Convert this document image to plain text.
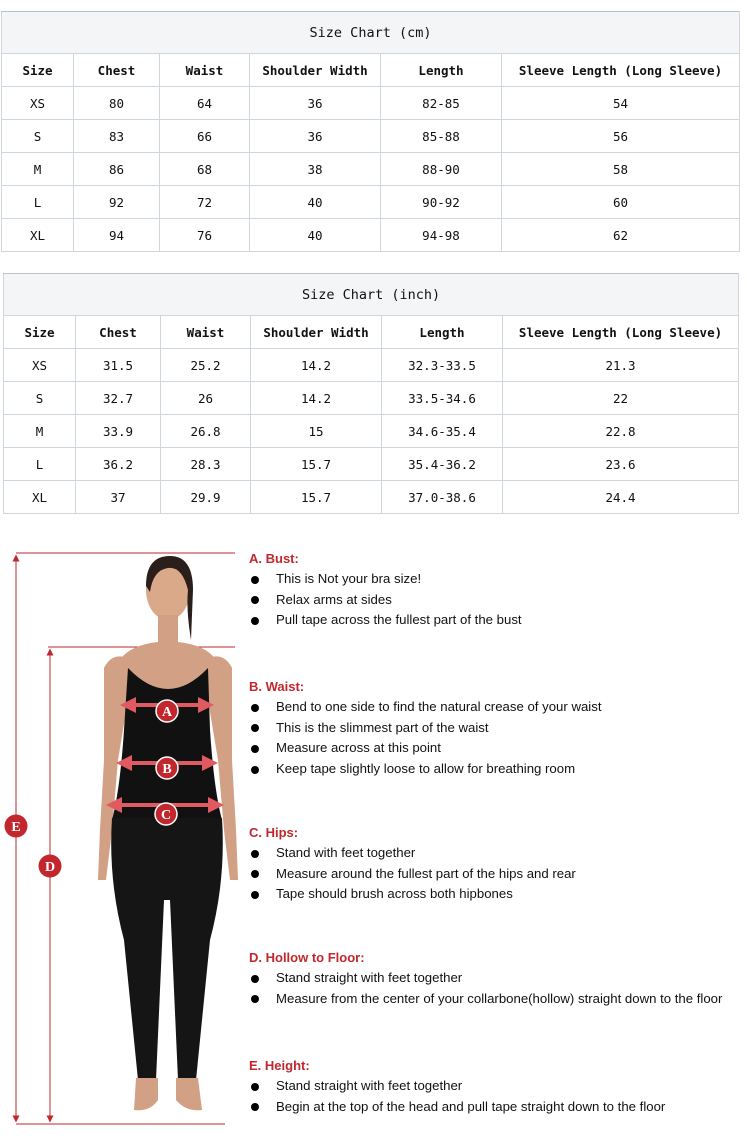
Size Chart (cm)					
Size	Chest	Waist	Shoulder Width	Length	Sleeve Length (Long Sleeve)
XS	80	64	36	82-85	54
S	83	66	36	85-88	56
M	86	68	38	88-90	58
L	92	72	40	90-92	60
XL	94	76	40	94-98	62
Size Chart (inch)					
Size	Chest	Waist	Shoulder Width	Length	Sleeve Length (Long Sleeve)
XS	31.5	25.2	14.2	32.3-33.5	21.3
S	32.7	26	14.2	33.5-34.6	22
M	33.9	26.8	15	34.6-35.4	22.8
L	36.2	28.3	15.7	35.4-36.2	23.6
XL	37	29.9	15.7	37.0-38.6	24.4
A
B
C
E
D
A. Bust:
This is Not your bra size!
Relax arms at sides
Pull tape across the fullest part of the bust
B. Waist:
Bend to one side to find the natural crease of your waist
This is the slimmest part of the waist
Measure across at this point
Keep tape slightly loose to allow for breathing room
C. Hips:
Stand with feet together
Measure around the fullest part of the hips and rear
Tape should brush across both hipbones
D. Hollow to Floor:
Stand straight with feet together
Measure from the center of your collarbone(hollow) straight down to the floor
E. Height:
Stand straight with feet together
Begin at the top of the head and pull tape straight down to the floor
